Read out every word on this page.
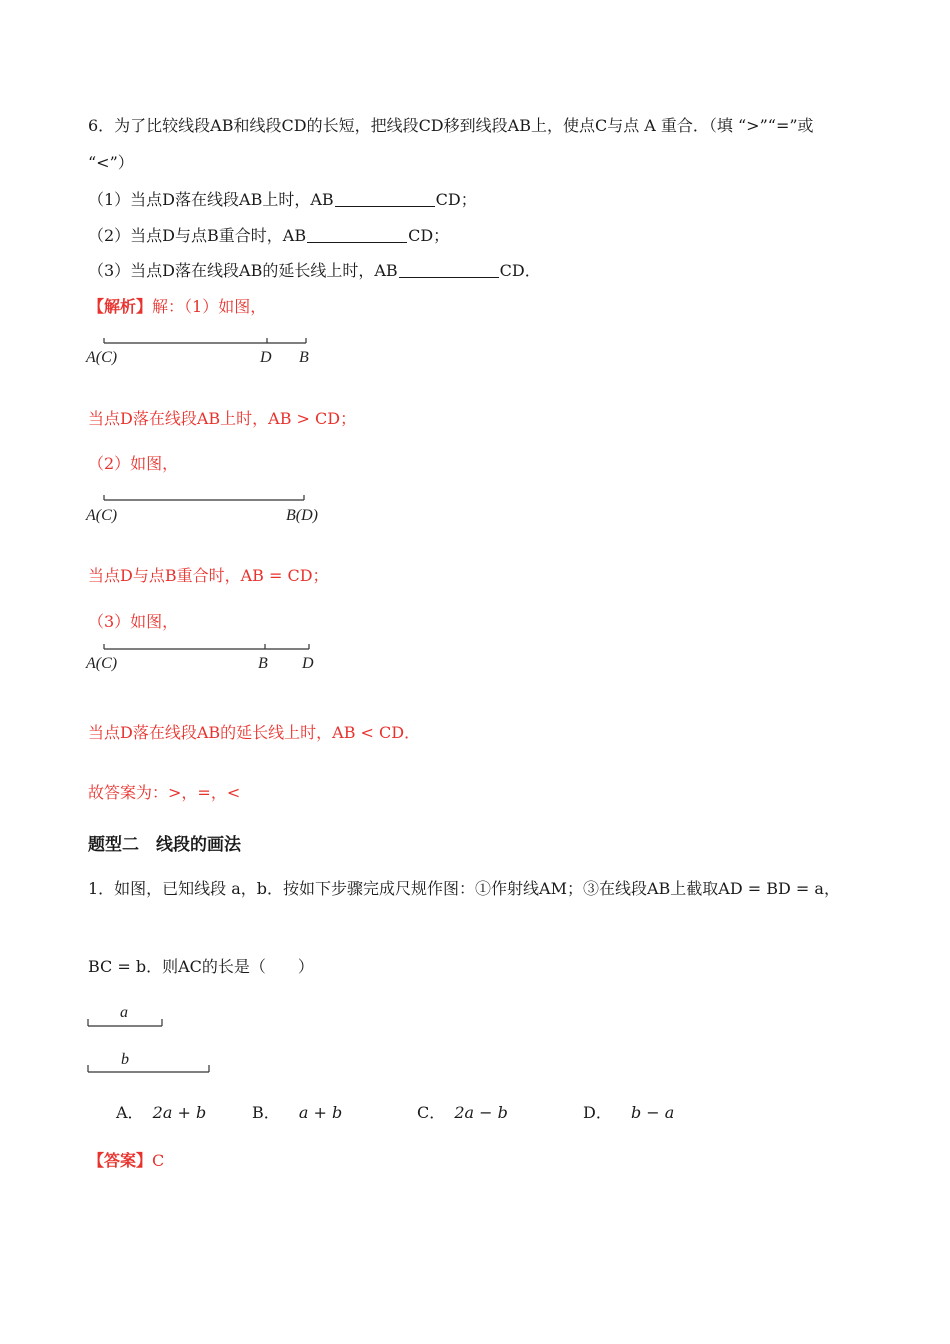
6．为了比较线段AB和线段CD的长短，把线段CD移到线段AB上，使点C与点 A 重合．（填 “>”“=”或
“<”）
（1）当点D落在线段AB上时，AB	CD；
（2）当点D与点B重合时，AB	CD；
（3）当点D落在线段AB的延长线上时，AB	CD．
【解析】解：（1）如图，
A(C)	D B
当点D落在线段AB上时，AB > CD；
（2）如图，
A(C)	B(D)
当点D与点B重合时，AB = CD；
（3）如图，
A(C)	B D
当点D落在线段AB的延长线上时，AB < CD．
故答案为：>，=，<
题型二　线段的画法
1．如图，已知线段 a，b．按如下步骤完成尺规作图：①作射线AM；③在线段AB上截取AD = BD = a，
BC = b．则AC的长是（　　）
a
b
A． 2a + b	B． a + b	C． 2a − b	D． b − a
【答案】C
